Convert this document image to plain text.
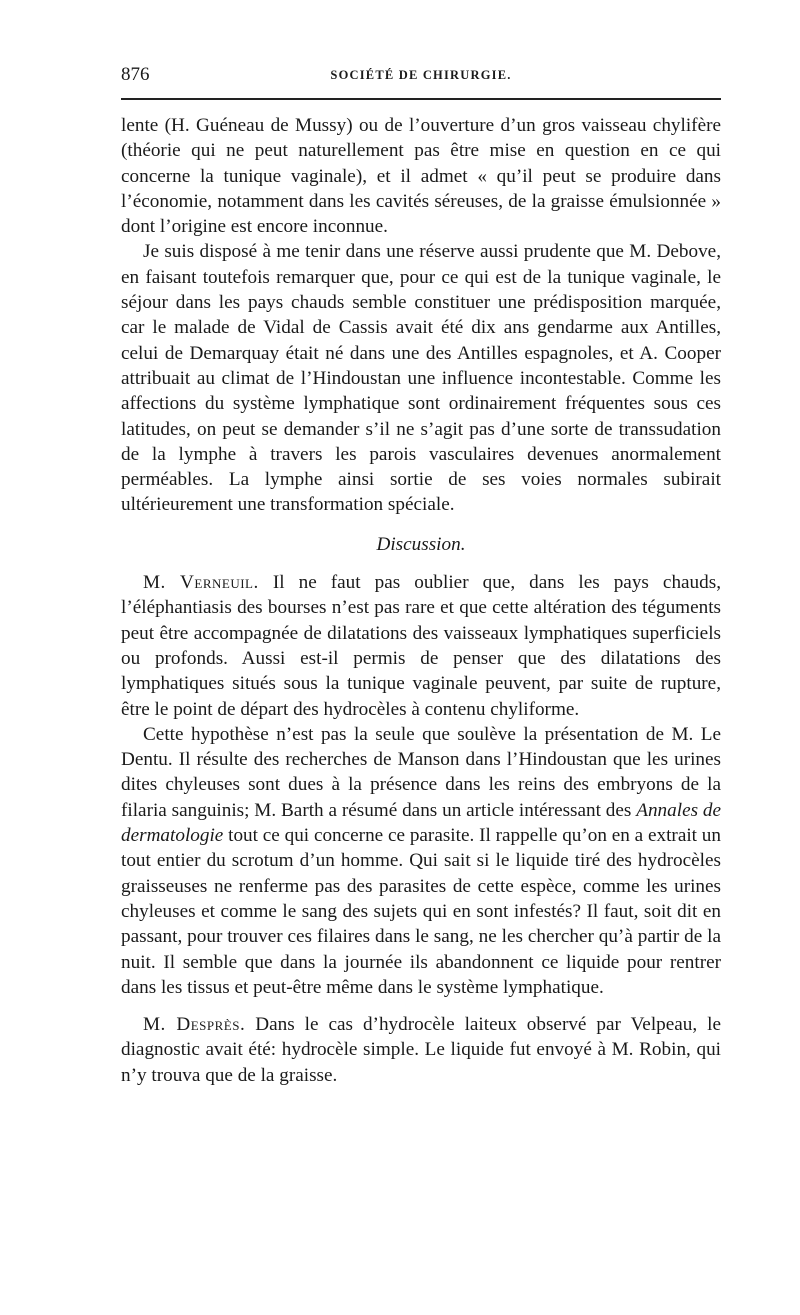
876	SOCIÉTÉ DE CHIRURGIE.

lente (H. Guéneau de Mussy) ou de l’ouverture d’un gros vaisseau chylifère (théorie qui ne peut naturellement pas être mise en question en ce qui concerne la tunique vaginale), et il admet « qu’il peut se produire dans l’économie, notamment dans les cavités séreuses, de la graisse émulsionnée » dont l’origine est encore inconnue.

Je suis disposé à me tenir dans une réserve aussi prudente que M. Debove, en faisant toutefois remarquer que, pour ce qui est de la tunique vaginale, le séjour dans les pays chauds semble constituer une prédisposition marquée, car le malade de Vidal de Cassis avait été dix ans gendarme aux Antilles, celui de Demarquay était né dans une des Antilles espagnoles, et A. Cooper attribuait au climat de l’Hindoustan une influence incontestable. Comme les affections du système lymphatique sont ordinairement fréquentes sous ces latitudes, on peut se demander s’il ne s’agit pas d’une sorte de transsudation de la lymphe à travers les parois vasculaires devenues anormalement perméables. La lymphe ainsi sortie de ses voies normales subirait ultérieurement une transformation spéciale.

Discussion.

M. Verneuil. Il ne faut pas oublier que, dans les pays chauds, l’éléphantiasis des bourses n’est pas rare et que cette altération des téguments peut être accompagnée de dilatations des vaisseaux lymphatiques superficiels ou profonds. Aussi est-il permis de penser que des dilatations des lymphatiques situés sous la tunique vaginale peuvent, par suite de rupture, être le point de départ des hydrocèles à contenu chyliforme.

Cette hypothèse n’est pas la seule que soulève la présentation de M. Le Dentu. Il résulte des recherches de Manson dans l’Hindoustan que les urines dites chyleuses sont dues à la présence dans les reins des embryons de la filaria sanguinis; M. Barth a résumé dans un article intéressant des Annales de dermatologie tout ce qui concerne ce parasite. Il rappelle qu’on en a extrait un tout entier du scrotum d’un homme. Qui sait si le liquide tiré des hydrocèles graisseuses ne renferme pas des parasites de cette espèce, comme les urines chyleuses et comme le sang des sujets qui en sont infestés? Il faut, soit dit en passant, pour trouver ces filaires dans le sang, ne les chercher qu’à partir de la nuit. Il semble que dans la journée ils abandonnent ce liquide pour rentrer dans les tissus et peut-être même dans le système lymphatique.

M. Desprès. Dans le cas d’hydrocèle laiteux observé par Velpeau, le diagnostic avait été: hydrocèle simple. Le liquide fut envoyé à M. Robin, qui n’y trouva que de la graisse.
